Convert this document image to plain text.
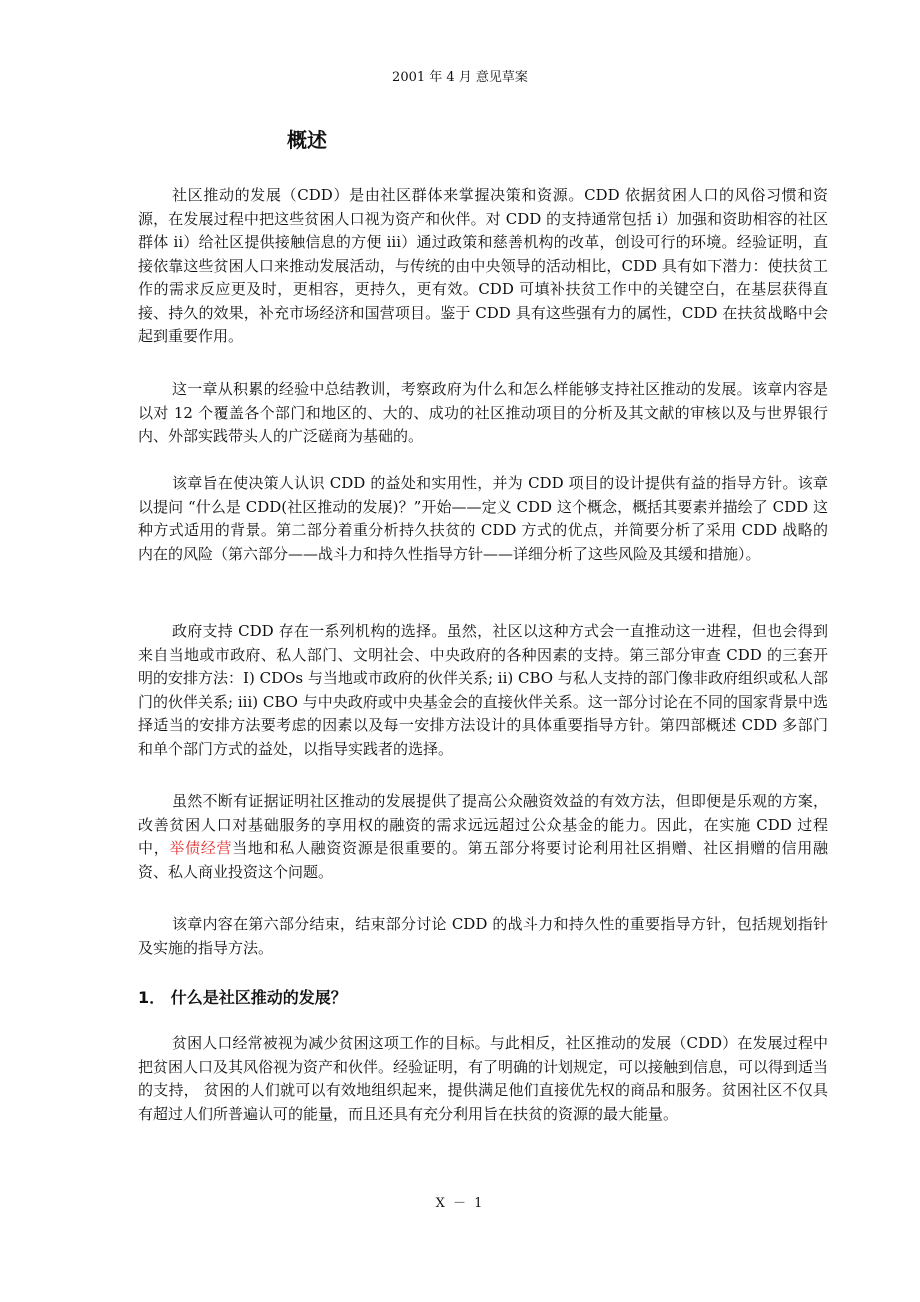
2001 年 4 月 意见草案
概述

社区推动的发展（CDD）是由社区群体来掌握决策和资源。CDD 依据贫困人口的风俗习惯和资源，在发展过程中把这些贫困人口视为资产和伙伴。对 CDD 的支持通常包括 i）加强和资助相容的社区群体 ii）给社区提供接触信息的方便 iii）通过政策和慈善机构的改革，创设可行的环境。经验证明，直接依靠这些贫困人口来推动发展活动，与传统的由中央领导的活动相比，CDD 具有如下潜力：使扶贫工作的需求反应更及时，更相容，更持久，更有效。CDD 可填补扶贫工作中的关键空白，在基层获得直接、持久的效果，补充市场经济和国营项目。鉴于 CDD 具有这些强有力的属性，CDD 在扶贫战略中会起到重要作用。

这一章从积累的经验中总结教训，考察政府为什么和怎么样能够支持社区推动的发展。该章内容是以对 12 个覆盖各个部门和地区的、大的、成功的社区推动项目的分析及其文献的审核以及与世界银行内、外部实践带头人的广泛磋商为基础的。

该章旨在使决策人认识 CDD 的益处和实用性，并为 CDD 项目的设计提供有益的指导方针。该章以提问 “什么是 CDD(社区推动的发展)？”开始——定义 CDD 这个概念，概括其要素并描绘了 CDD 这种方式适用的背景。第二部分着重分析持久扶贫的 CDD 方式的优点，并简要分析了采用 CDD 战略的内在的风险（第六部分——战斗力和持久性指导方针——详细分析了这些风险及其缓和措施）。

政府支持 CDD 存在一系列机构的选择。虽然，社区以这种方式会一直推动这一进程，但也会得到来自当地或市政府、私人部门、文明社会、中央政府的各种因素的支持。第三部分审查 CDD 的三套开明的安排方法：I) CDOs 与当地或市政府的伙伴关系; ii) CBO 与私人支持的部门像非政府组织或私人部门的伙伴关系; iii) CBO 与中央政府或中央基金会的直接伙伴关系。这一部分讨论在不同的国家背景中选择适当的安排方法要考虑的因素以及每一安排方法设计的具体重要指导方针。第四部概述 CDD 多部门和单个部门方式的益处，以指导实践者的选择。

虽然不断有证据证明社区推动的发展提供了提高公众融资效益的有效方法，但即便是乐观的方案，改善贫困人口对基础服务的享用权的融资的需求远远超过公众基金的能力。因此，在实施 CDD 过程中，举债经营当地和私人融资资源是很重要的。第五部分将要讨论利用社区捐赠、社区捐赠的信用融资、私人商业投资这个问题。

该章内容在第六部分结束，结束部分讨论 CDD 的战斗力和持久性的重要指导方针，包括规划指针及实施的指导方法。

1． 什么是社区推动的发展？

贫困人口经常被视为减少贫困这项工作的目标。与此相反，社区推动的发展（CDD）在发展过程中把贫困人口及其风俗视为资产和伙伴。经验证明，有了明确的计划规定，可以接触到信息，可以得到适当的支持， 贫困的人们就可以有效地组织起来，提供满足他们直接优先权的商品和服务。贫困社区不仅具有超过人们所普遍认可的能量，而且还具有充分利用旨在扶贫的资源的最大能量。

X － 1
